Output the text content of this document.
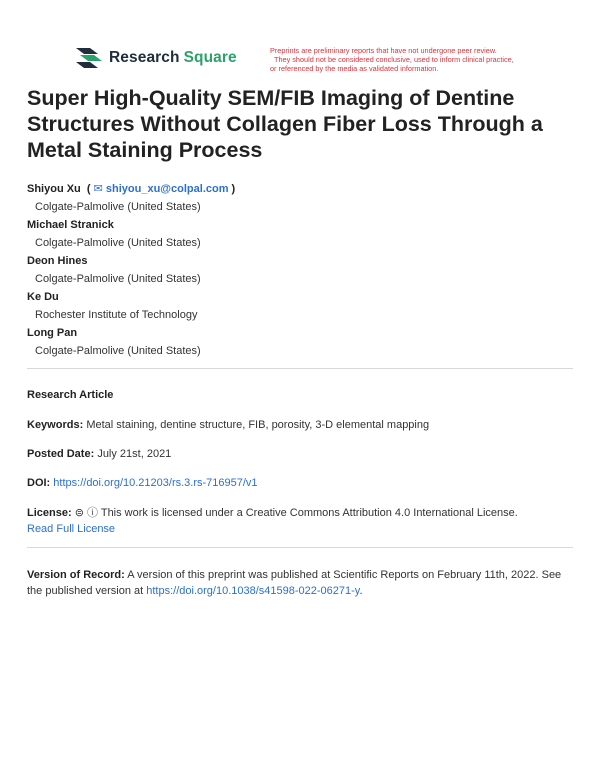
Research Square	Preprints are preliminary reports that have not undergone peer review.
They should not be considered conclusive, used to inform clinical practice,
or referenced by the media as validated information.
Super High-Quality SEM/FIB Imaging of Dentine Structures Without Collagen Fiber Loss Through a Metal Staining Process
Shiyou Xu  ( ✉ shiyou_xu@colpal.com )
Colgate-Palmolive (United States)
Michael Stranick
Colgate-Palmolive (United States)
Deon Hines
Colgate-Palmolive (United States)
Ke Du
Rochester Institute of Technology
Long Pan
Colgate-Palmolive (United States)
Research Article
Keywords: Metal staining, dentine structure, FIB, porosity, 3-D elemental mapping
Posted Date: July 21st, 2021
DOI: https://doi.org/10.21203/rs.3.rs-716957/v1
License: ⊜ ⓘ This work is licensed under a Creative Commons Attribution 4.0 International License.
Read Full License
Version of Record: A version of this preprint was published at Scientific Reports on February 11th, 2022. See the published version at https://doi.org/10.1038/s41598-022-06271-y.
